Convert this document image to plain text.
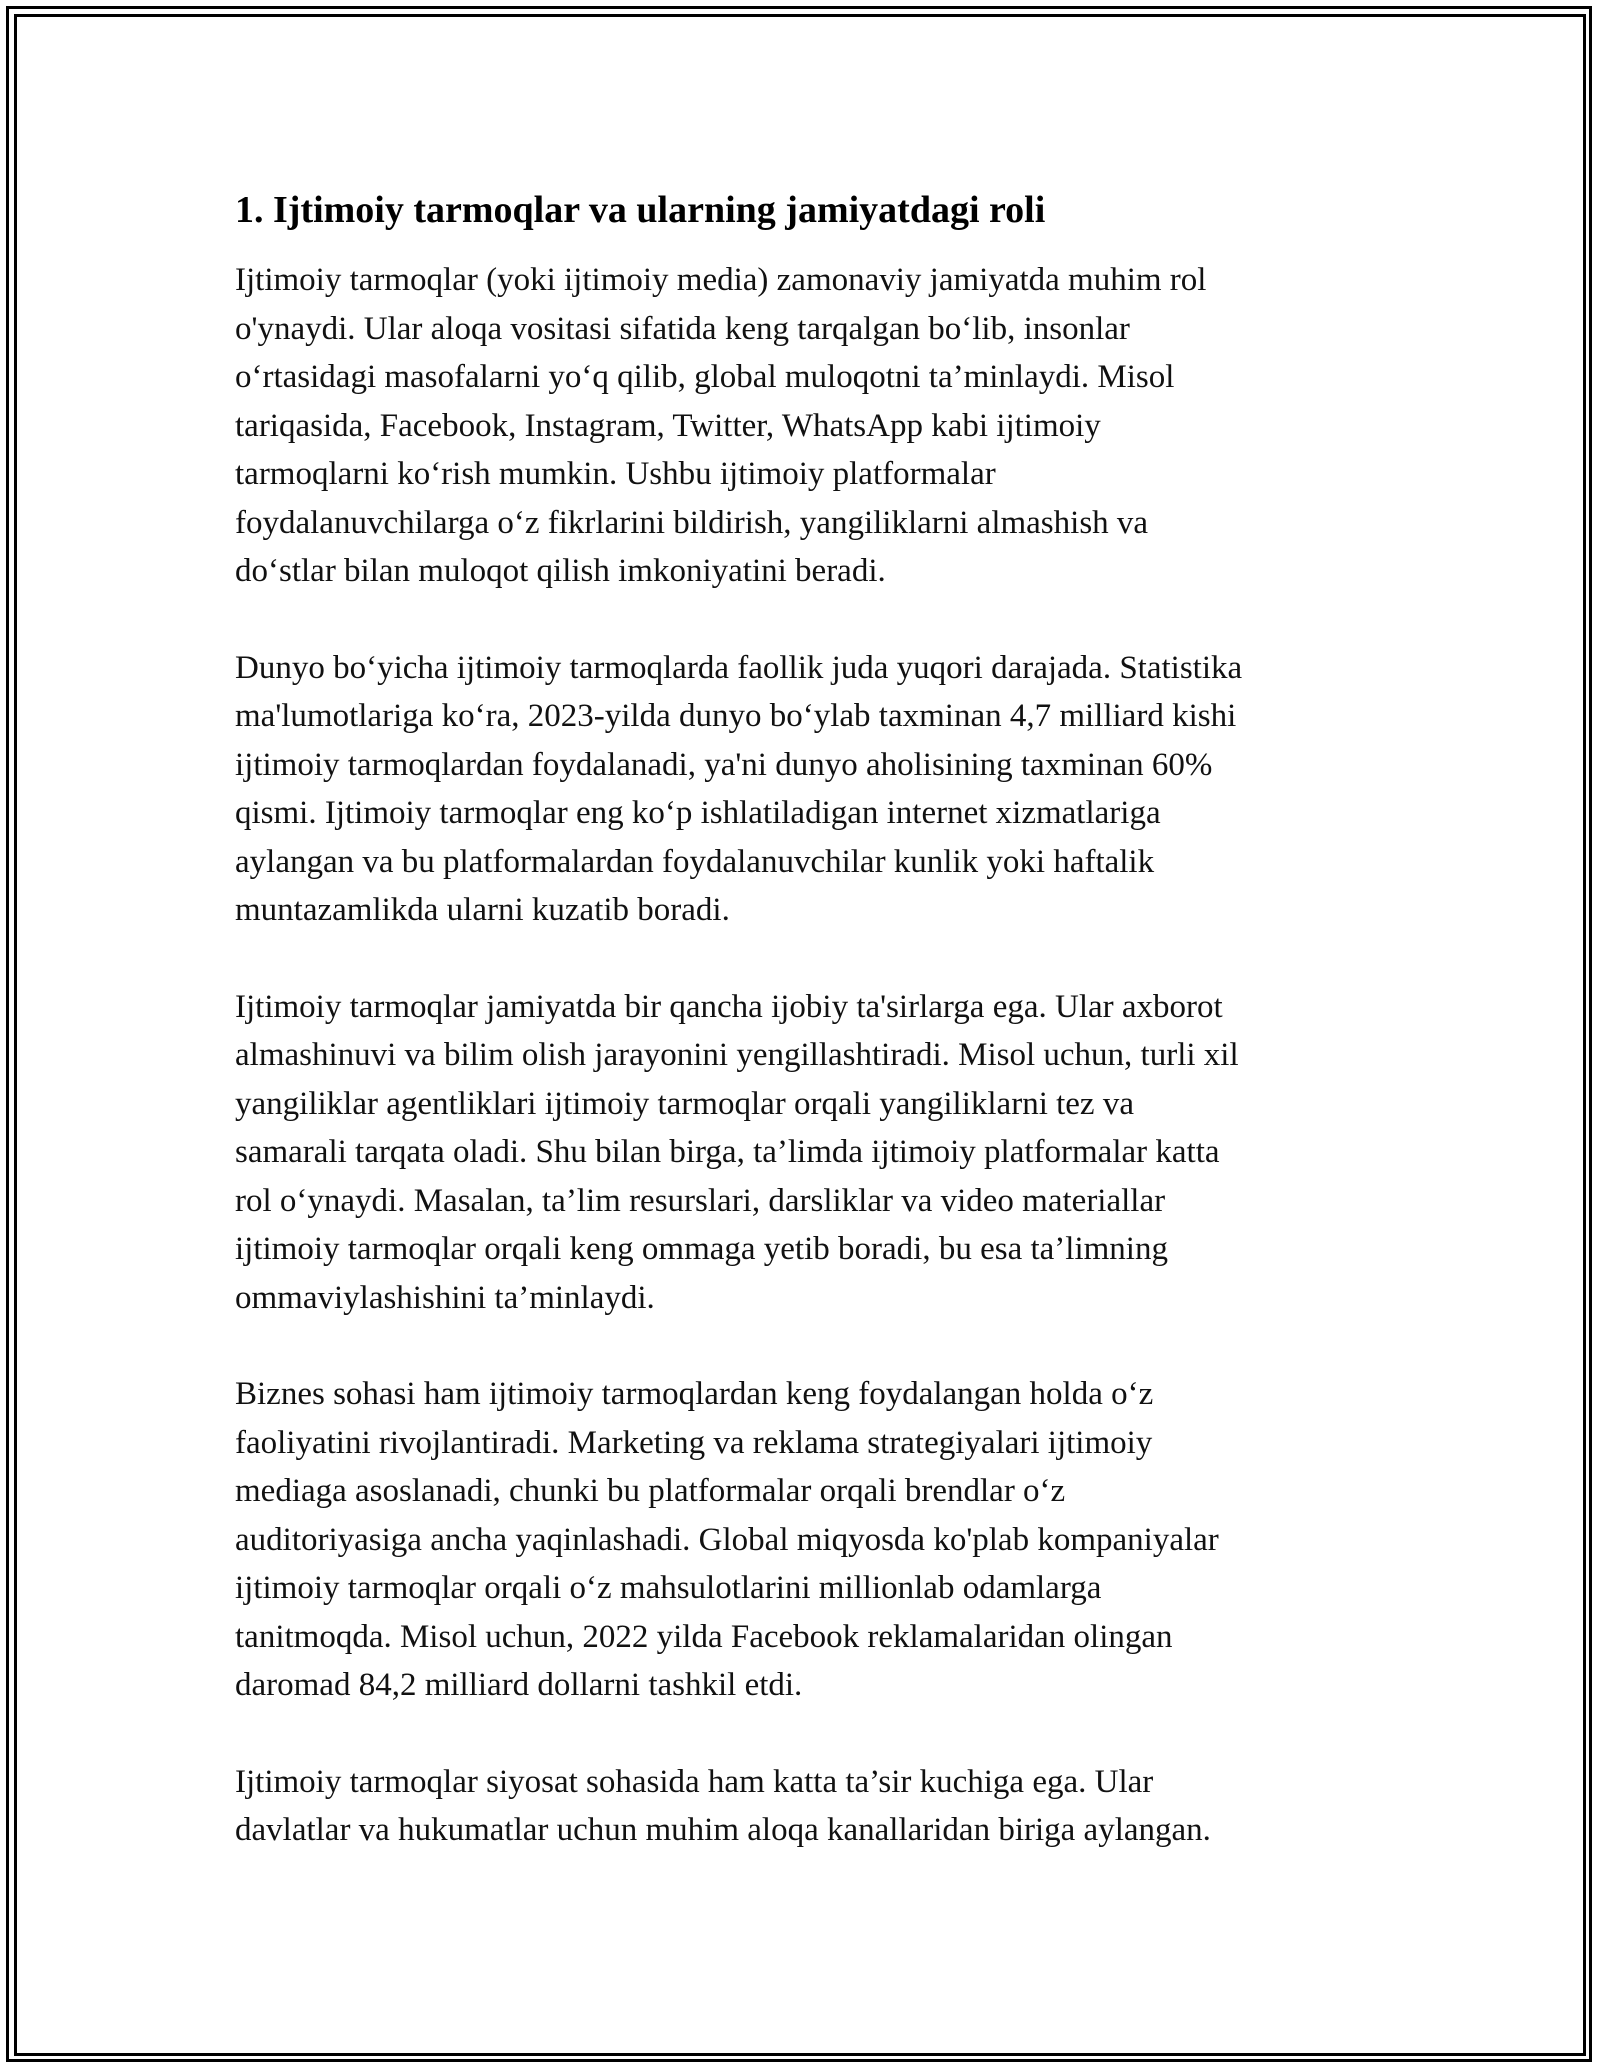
1. Ijtimoiy tarmoqlar va ularning jamiyatdagi roli

Ijtimoiy tarmoqlar (yoki ijtimoiy media) zamonaviy jamiyatda muhim rol
o'ynaydi. Ular aloqa vositasi sifatida keng tarqalgan bo‘lib, insonlar
o‘rtasidagi masofalarni yo‘q qilib, global muloqotni ta’minlaydi. Misol
tariqasida, Facebook, Instagram, Twitter, WhatsApp kabi ijtimoiy
tarmoqlarni ko‘rish mumkin. Ushbu ijtimoiy platformalar
foydalanuvchilarga o‘z fikrlarini bildirish, yangiliklarni almashish va
do‘stlar bilan muloqot qilish imkoniyatini beradi.

Dunyo bo‘yicha ijtimoiy tarmoqlarda faollik juda yuqori darajada. Statistika
ma'lumotlariga ko‘ra, 2023-yilda dunyo bo‘ylab taxminan 4,7 milliard kishi
ijtimoiy tarmoqlardan foydalanadi, ya'ni dunyo aholisining taxminan 60%
qismi. Ijtimoiy tarmoqlar eng ko‘p ishlatiladigan internet xizmatlariga
aylangan va bu platformalardan foydalanuvchilar kunlik yoki haftalik
muntazamlikda ularni kuzatib boradi.

Ijtimoiy tarmoqlar jamiyatda bir qancha ijobiy ta'sirlarga ega. Ular axborot
almashinuvi va bilim olish jarayonini yengillashtiradi. Misol uchun, turli xil
yangiliklar agentliklari ijtimoiy tarmoqlar orqali yangiliklarni tez va
samarali tarqata oladi. Shu bilan birga, ta’limda ijtimoiy platformalar katta
rol o‘ynaydi. Masalan, ta’lim resurslari, darsliklar va video materiallar
ijtimoiy tarmoqlar orqali keng ommaga yetib boradi, bu esa ta’limning
ommaviylashishini ta’minlaydi.

Biznes sohasi ham ijtimoiy tarmoqlardan keng foydalangan holda o‘z
faoliyatini rivojlantiradi. Marketing va reklama strategiyalari ijtimoiy
mediaga asoslanadi, chunki bu platformalar orqali brendlar o‘z
auditoriyasiga ancha yaqinlashadi. Global miqyosda ko'plab kompaniyalar
ijtimoiy tarmoqlar orqali o‘z mahsulotlarini millionlab odamlarga
tanitmoqda. Misol uchun, 2022 yilda Facebook reklamalaridan olingan
daromad 84,2 milliard dollarni tashkil etdi.

Ijtimoiy tarmoqlar siyosat sohasida ham katta ta’sir kuchiga ega. Ular
davlatlar va hukumatlar uchun muhim aloqa kanallaridan biriga aylangan.
